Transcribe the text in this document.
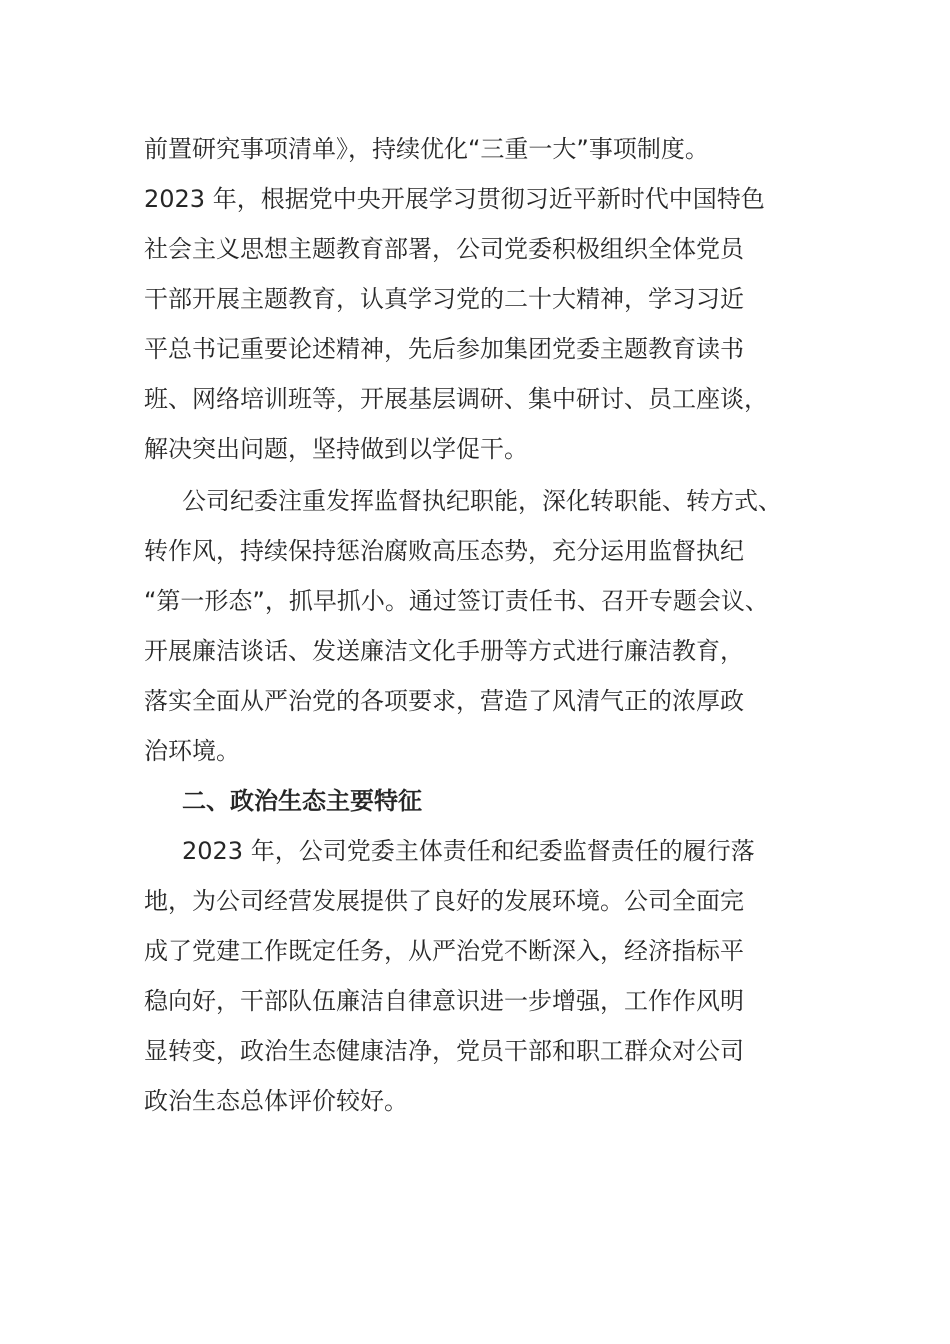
前置研究事项清单》，持续优化“三重一大”事项制度。
2023 年，根据党中央开展学习贯彻习近平新时代中国特色
社会主义思想主题教育部署，公司党委积极组织全体党员
干部开展主题教育，认真学习党的二十大精神，学习习近
平总书记重要论述精神，先后参加集团党委主题教育读书
班、网络培训班等，开展基层调研、集中研讨、员工座谈，
解决突出问题，坚持做到以学促干。
公司纪委注重发挥监督执纪职能，深化转职能、转方式、
转作风，持续保持惩治腐败高压态势，充分运用监督执纪
“第一形态”，抓早抓小。通过签订责任书、召开专题会议、
开展廉洁谈话、发送廉洁文化手册等方式进行廉洁教育，
落实全面从严治党的各项要求，营造了风清气正的浓厚政
治环境。
二、政治生态主要特征
2023 年，公司党委主体责任和纪委监督责任的履行落
地，为公司经营发展提供了良好的发展环境。公司全面完
成了党建工作既定任务，从严治党不断深入，经济指标平
稳向好，干部队伍廉洁自律意识进一步增强，工作作风明
显转变，政治生态健康洁净，党员干部和职工群众对公司
政治生态总体评价较好。
